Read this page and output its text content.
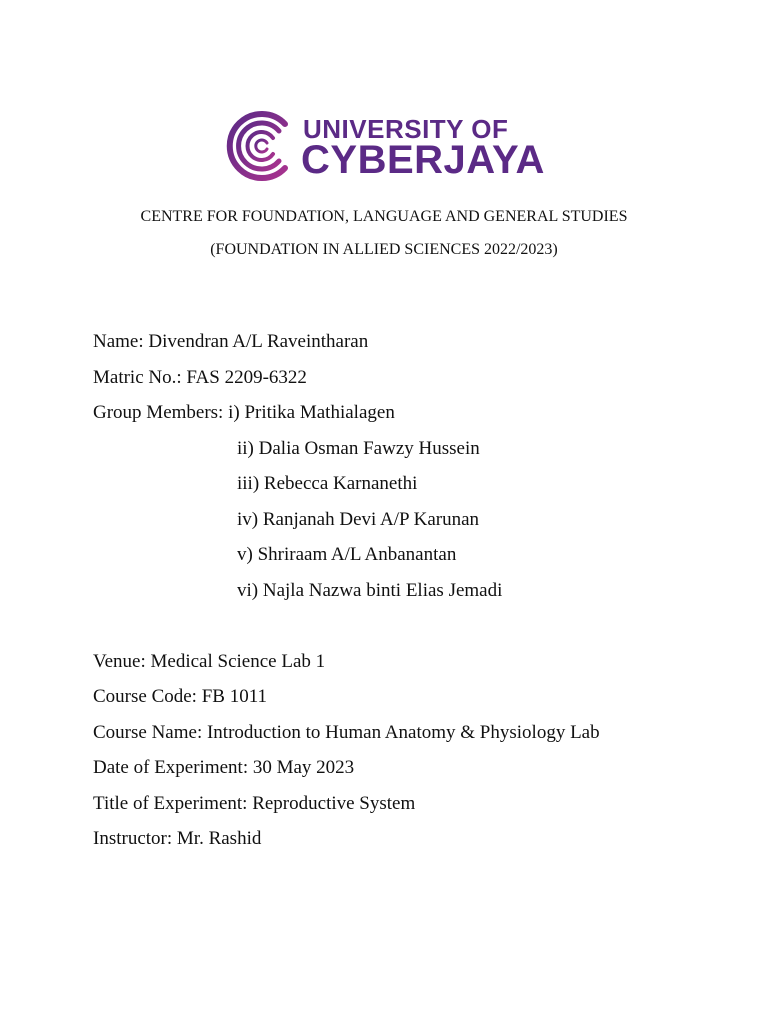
UNIVERSITY OF
CYBERJAYA
CENTRE FOR FOUNDATION, LANGUAGE AND GENERAL STUDIES
(FOUNDATION IN ALLIED SCIENCES 2022/2023)
Name: Divendran A/L Raveintharan
Matric No.: FAS 2209-6322
Group Members: i) Pritika Mathialagen
ii) Dalia Osman Fawzy Hussein
iii) Rebecca Karnanethi
iv) Ranjanah Devi A/P Karunan
v) Shriraam A/L Anbanantan
vi) Najla Nazwa binti Elias Jemadi
Venue: Medical Science Lab 1
Course Code: FB 1011
Course Name: Introduction to Human Anatomy & Physiology Lab
Date of Experiment: 30 May 2023
Title of Experiment: Reproductive System
Instructor: Mr. Rashid
